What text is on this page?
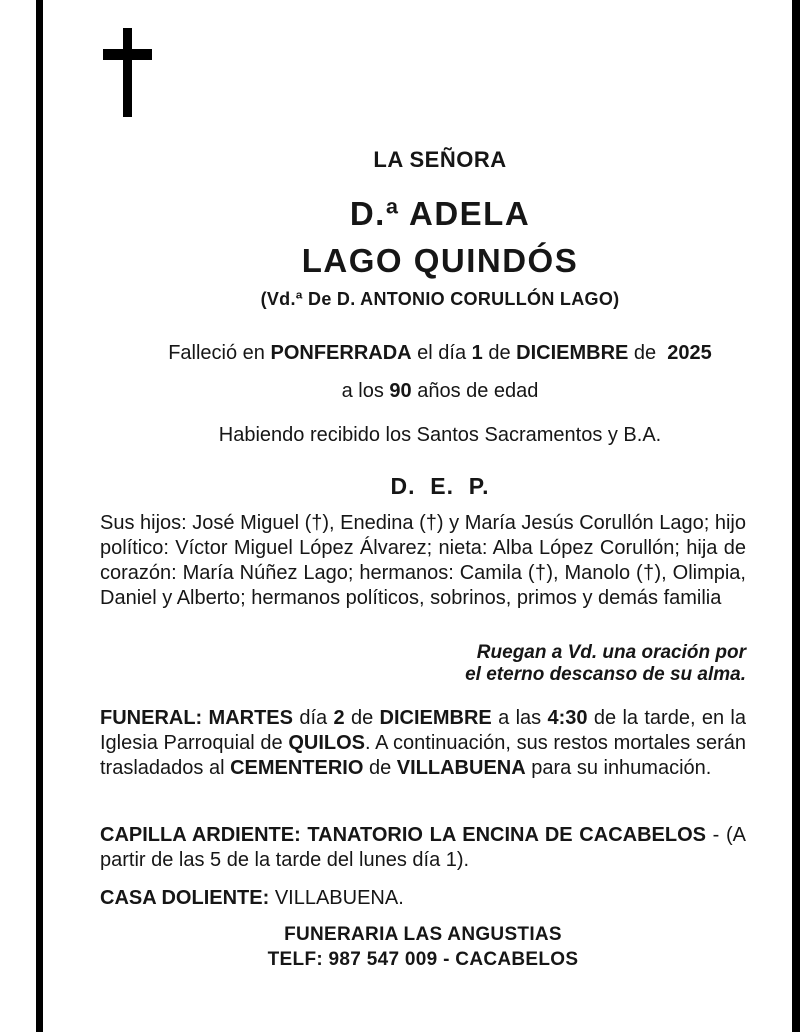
LA SEÑORA
D.ª ADELA
LAGO QUINDÓS
(Vd.ª De D. ANTONIO CORULLÓN LAGO)
Falleció en PONFERRADA el día 1 de DICIEMBRE de  2025
a los 90 años de edad
Habiendo recibido los Santos Sacramentos y B.A.
D.  E.  P.

Sus hijos: José Miguel (†), Enedina (†) y María Jesús Corullón Lago; hijo político: Víctor Miguel López Álvarez; nieta: Alba López Corullón; hija de corazón: María Núñez Lago; hermanos: Camila (†), Manolo (†), Olimpia, Daniel y Alberto; hermanos políticos, sobrinos, primos y demás familia

Ruegan a Vd. una oración por
el eterno descanso de su alma.

FUNERAL: MARTES día 2 de DICIEMBRE a las 4:30 de la tarde, en la Iglesia Parroquial de QUILOS. A continuación, sus restos mortales serán trasladados al CEMENTERIO de VILLABUENA para su inhumación.

CAPILLA ARDIENTE: TANATORIO LA ENCINA DE CACABELOS - (A partir de las 5 de la tarde del lunes día 1).

CASA DOLIENTE: VILLABUENA.

FUNERARIA LAS ANGUSTIAS
TELF: 987 547 009 - CACABELOS
